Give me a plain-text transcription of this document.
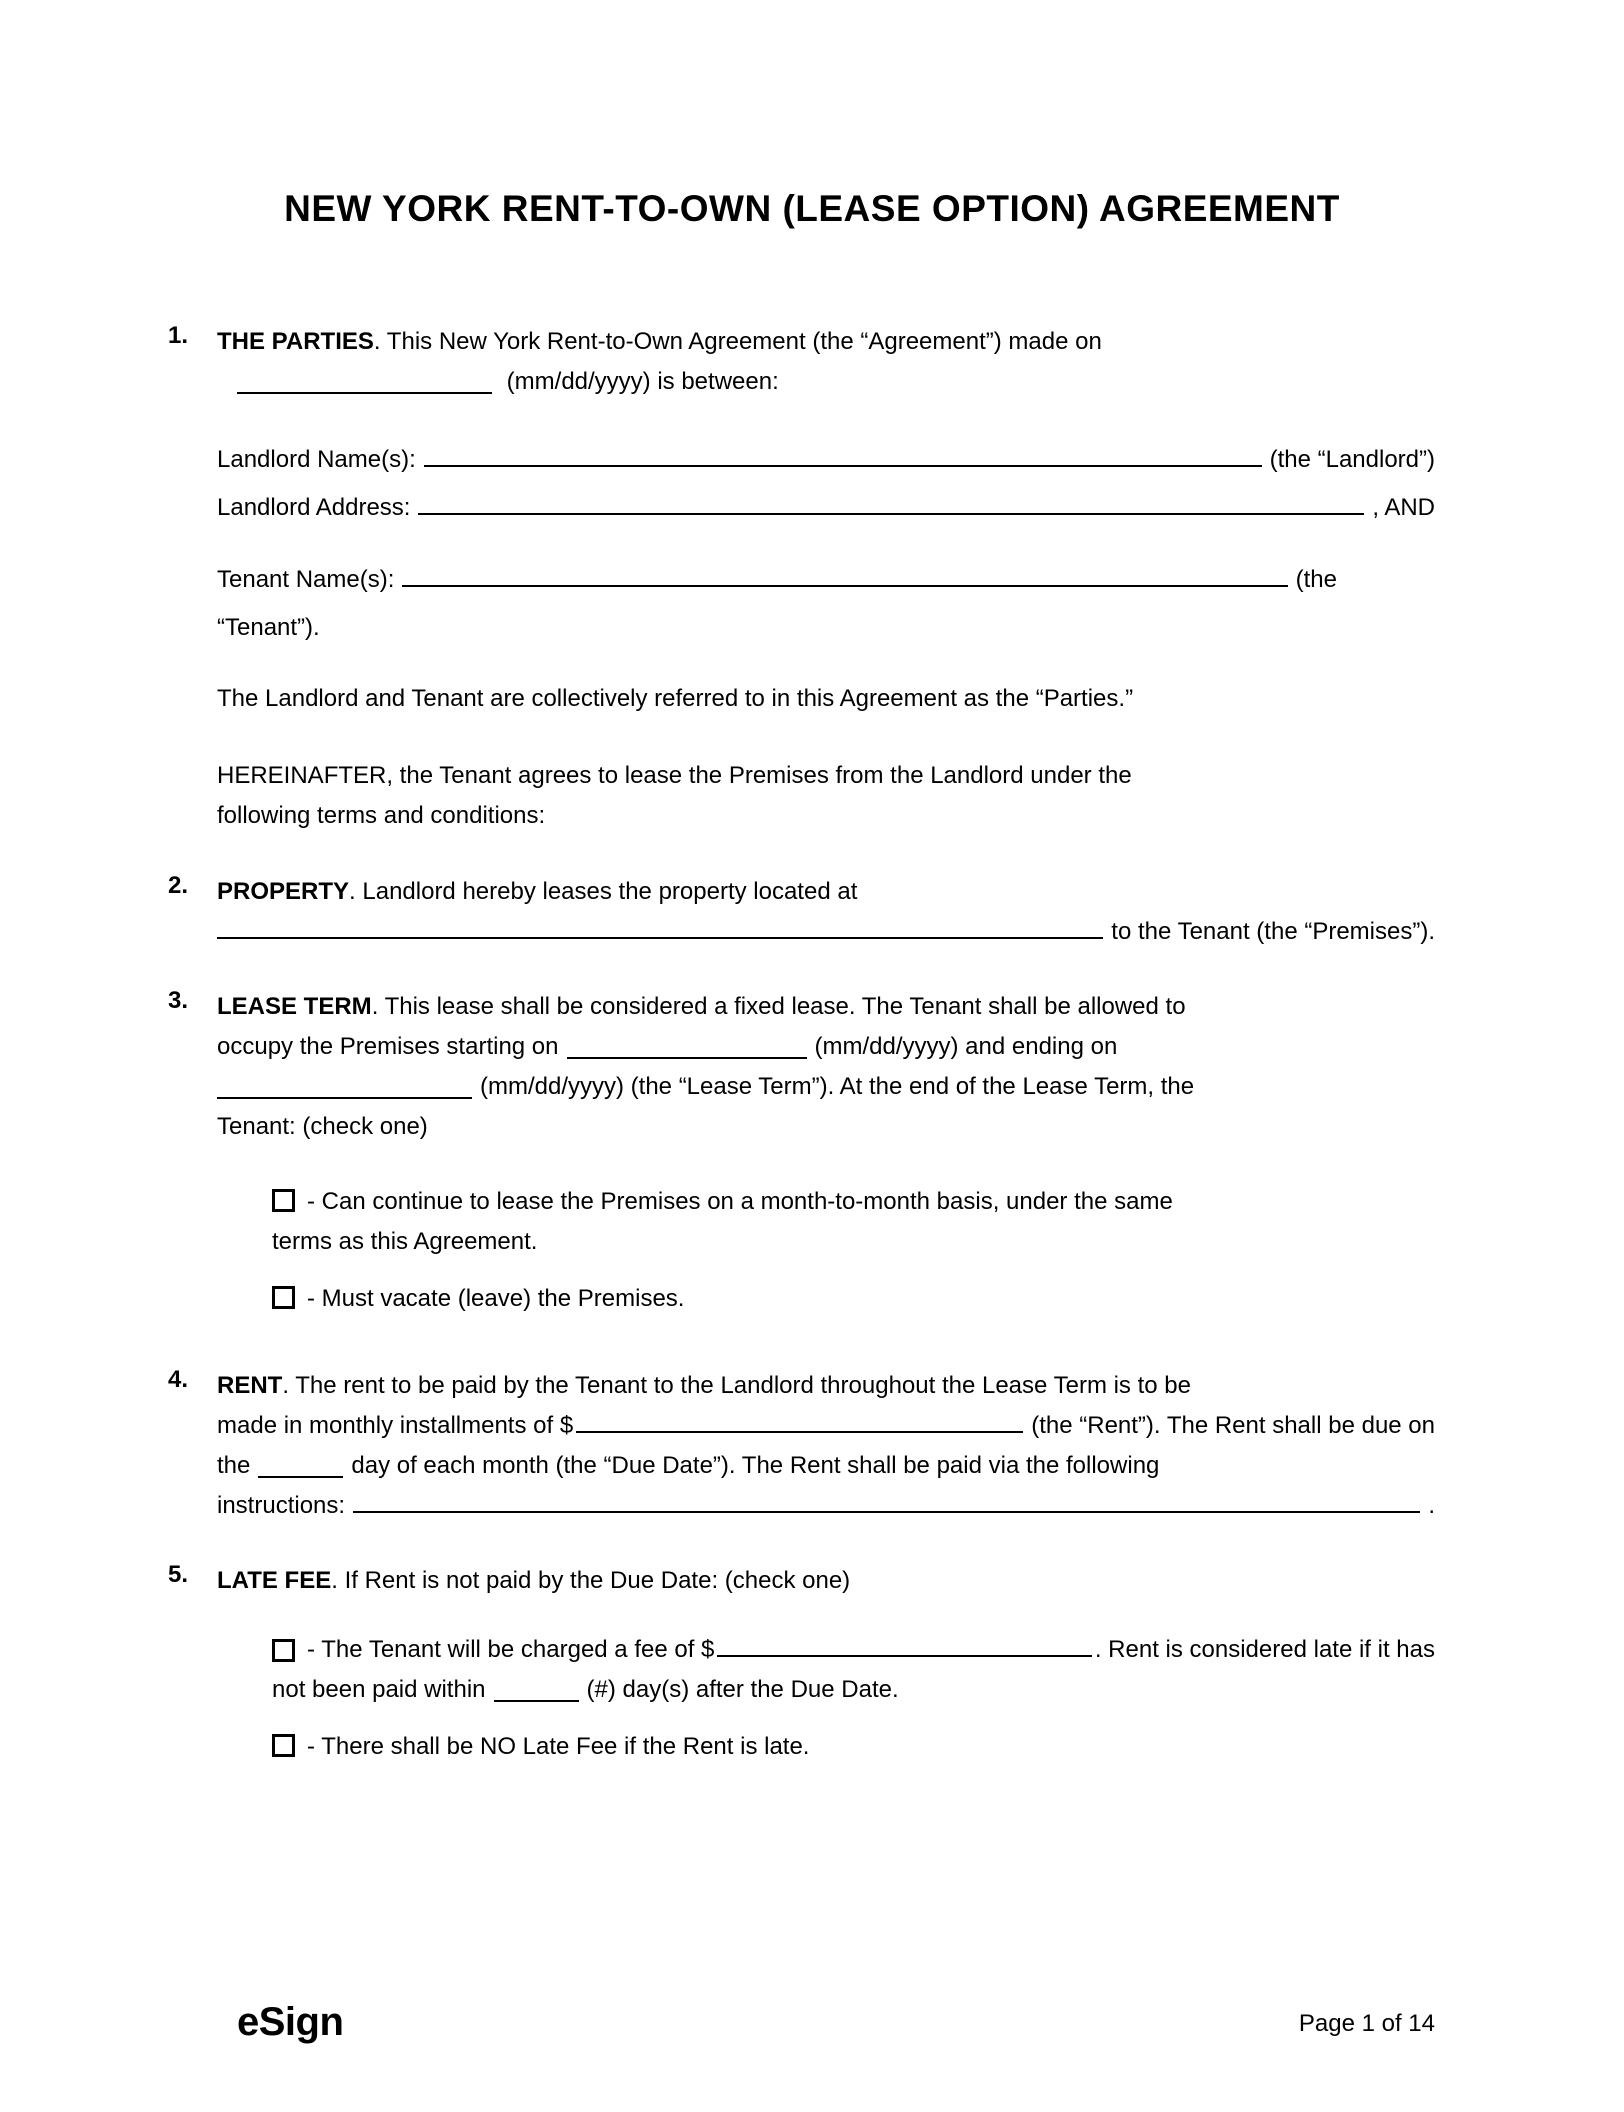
NEW YORK RENT-TO-OWN (LEASE OPTION) AGREEMENT
1.	THE PARTIES. This New York Rent-to-Own Agreement (the “Agreement”) made on
(mm/dd/yyyy) is between:
Landlord Name(s):	(the “Landlord”)
Landlord Address:	, AND
Tenant Name(s):	(the
“Tenant”).
The Landlord and Tenant are collectively referred to in this Agreement as the “Parties.”
HEREINAFTER, the Tenant agrees to lease the Premises from the Landlord under the
following terms and conditions:
2.	PROPERTY. Landlord hereby leases the property located at
to the Tenant (the “Premises”).
3.	LEASE TERM. This lease shall be considered a fixed lease. The Tenant shall be allowed to
occupy the Premises starting on	(mm/dd/yyyy) and ending on
(mm/dd/yyyy) (the “Lease Term”). At the end of the Lease Term, the
Tenant: (check one)
- Can continue to lease the Premises on a month-to-month basis, under the same
terms as this Agreement.
- Must vacate (leave) the Premises.
4.	RENT. The rent to be paid by the Tenant to the Landlord throughout the Lease Term is to be
made in monthly installments of $	(the “Rent”). The Rent shall be due on
the	day of each month (the “Due Date”). The Rent shall be paid via the following
instructions:	.
5.	LATE FEE. If Rent is not paid by the Due Date: (check one)
- The Tenant will be charged a fee of $	. Rent is considered late if it has
not been paid within	(#) day(s) after the Due Date.
- There shall be NO Late Fee if the Rent is late.
eSign	Page 1 of 14
